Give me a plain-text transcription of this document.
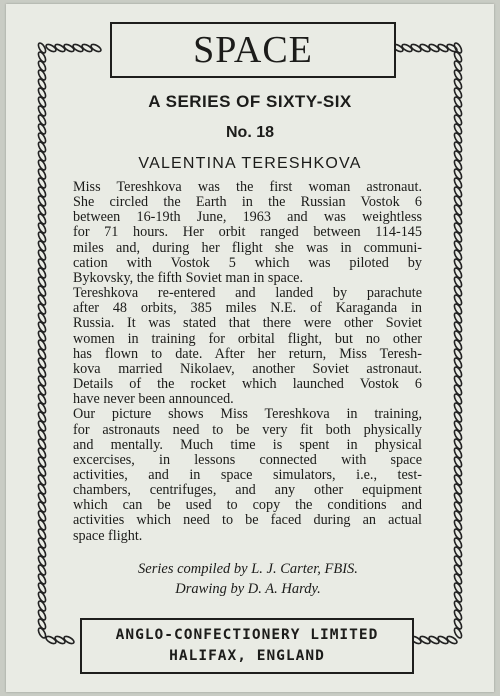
SPACE
A SERIES OF SIXTY-SIX
No. 18
VALENTINA TERESHKOVA
Miss Tereshkova was the first woman astronaut.
She circled the Earth in the Russian Vostok 6
between 16-19th June, 1963 and was weightless
for 71 hours. Her orbit ranged between 114-145
miles and, during her flight she was in communi-
cation with Vostok 5 which was piloted by
Bykovsky, the fifth Soviet man in space.
Tereshkova re-entered and landed by parachute
after 48 orbits, 385 miles N.E. of Karaganda in
Russia. It was stated that there were other Soviet
women in training for orbital flight, but no other
has flown to date. After her return, Miss Teresh-
kova married Nikolaev, another Soviet astronaut.
Details of the rocket which launched Vostok 6
have never been announced.
Our picture shows Miss Tereshkova in training,
for astronauts need to be very fit both physically
and mentally. Much time is spent in physical
excercises, in lessons connected with space
activities, and in space simulators, i.e., test-
chambers, centrifuges, and any other equipment
which can be used to copy the conditions and
activities which need to be faced during an actual
space flight.
Series compiled by L. J. Carter, FBIS.
Drawing by D. A. Hardy.
ANGLO-CONFECTIONERY LIMITED
HALIFAX, ENGLAND
